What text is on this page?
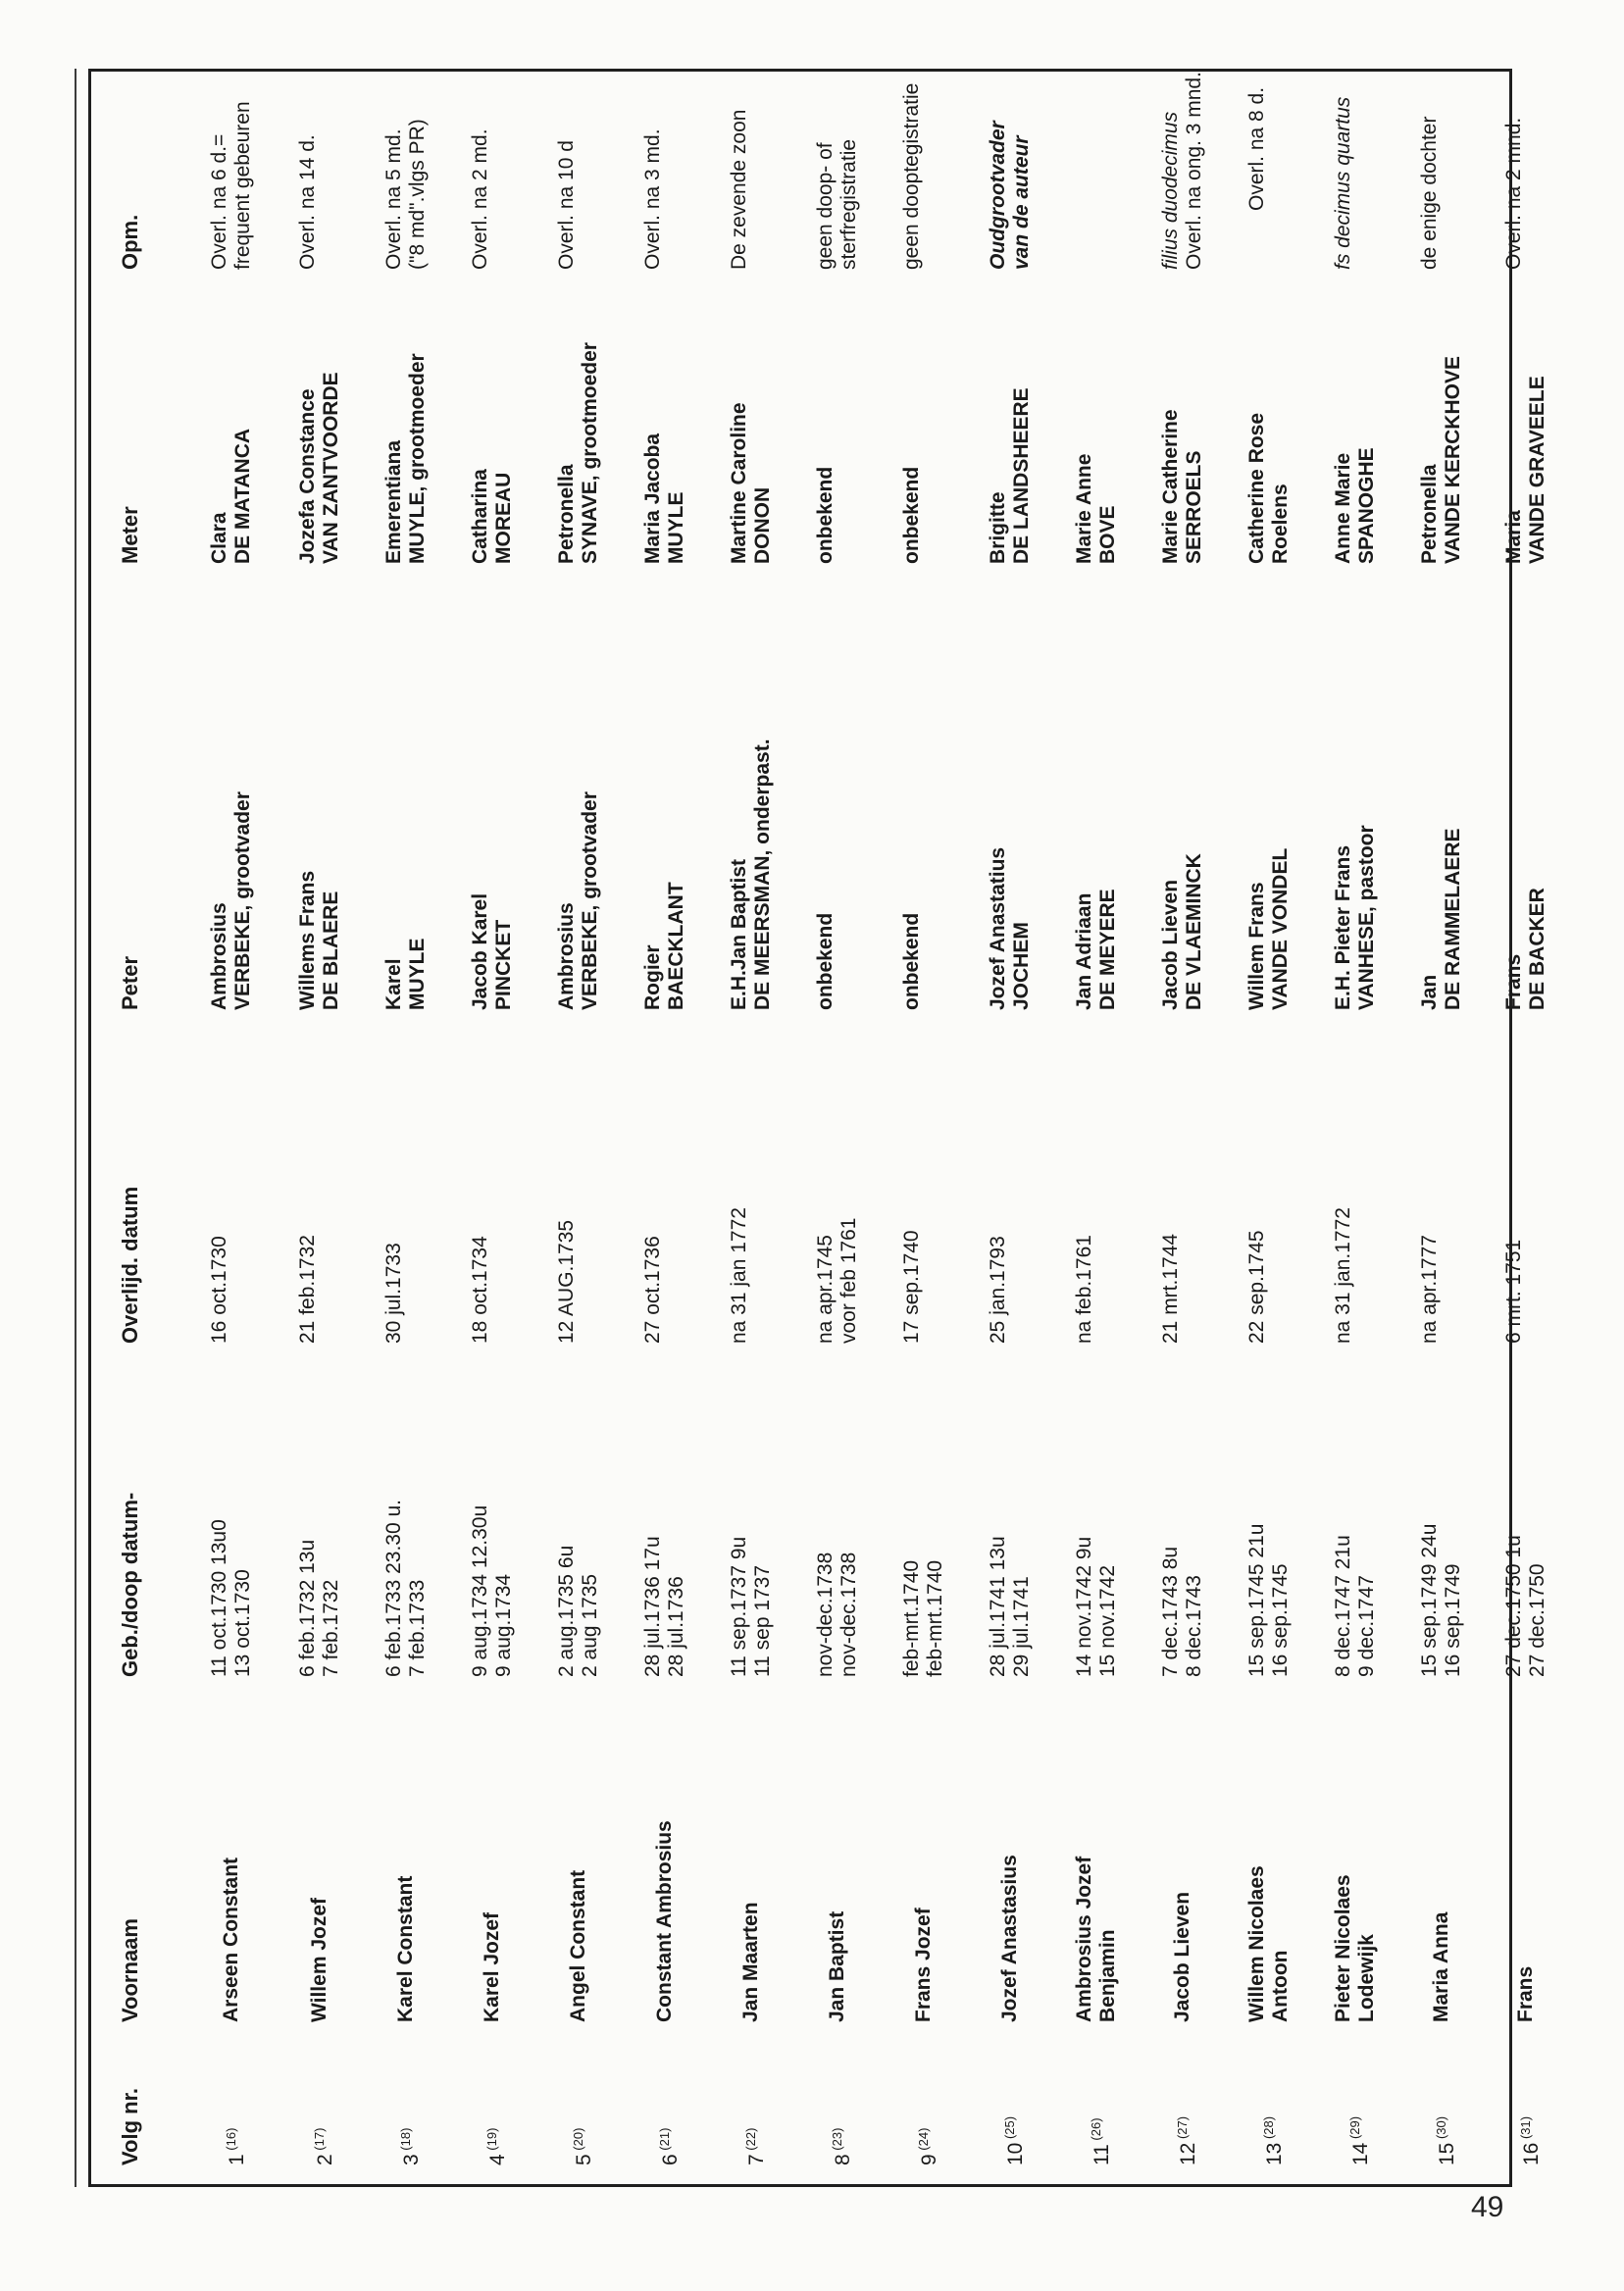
Volg nr.
Voornaam
Geb./doop datum-
Overlijd. datum
Peter
Meter
Opm.
1 $^{(16)}$
Arseen Constant
11 oct.1730 13u0 13 oct.1730
16 oct.1730
Ambrosius VERBEKE, grootvader
Clara DE MATANCA
Overl. na 6 d.= frequent gebeuren
2 $^{(17)}$
Willem Jozef
6 feb.1732 13u 7 feb.1732
21 feb.1732
Willems Frans DE BLAERE
Jozefa Constance VAN ZANTVOORDE
Overl. na 14 d.
3 $^{(18)}$
Karel Constant
6 feb.1733 23.30 u. 7 feb.1733
30 jul.1733
Karel MUYLE
Emerentiana MUYLE, grootmoeder
Overl. na 5 md. ("8 md".vlgs PR)
4 $^{(19)}$
Karel Jozef
9 aug.1734 12.30u 9 aug.1734
18 oct.1734
Jacob Karel PINCKET
Catharina MOREAU
Overl. na 2 md.
5 $^{(20)}$
Angel Constant
2 aug.1735 6u 2 aug 1735
12 AUG.1735
Ambrosius VERBEKE, grootvader
Petronella SYNAVE, grootmoeder
Overl. na 10 d
6 $^{(21)}$
Constant Ambrosius
28 jul.1736 17u 28 jul.1736
27 oct.1736
Rogier BAECKLANT
Maria Jacoba MUYLE
Overl. na 3 md.
7 $^{(22)}$
Jan Maarten
11 sep.1737 9u 11 sep 1737
na 31 jan 1772
E.H.Jan Baptist DE MEERSMAN, onderpast.
Martine Caroline DONON
De zevende zoon
8 $^{(23)}$
Jan Baptist
nov-dec.1738 nov-dec.1738
na apr.1745 voor feb 1761
onbekend
onbekend
geen doop- of sterfregistratie
9 $^{(24)}$
Frans Jozef
feb-mrt.1740 feb-mrt.1740
17 sep.1740
onbekend
onbekend
geen dooptegistratie
10 $^{(25)}$
Jozef Anastasius
28 jul.1741 13u 29 jul.1741
25 jan.1793
Jozef Anastatius JOCHEM
Brigitte DE LANDSHEERE
Oudgrootvader van de auteur
11 $^{(26)}$
Ambrosius Jozef Benjamin
14 nov.1742 9u 15 nov.1742
na feb.1761
Jan Adriaan DE MEYERE
Marie Anne BOVE
12 $^{(27)}$
Jacob Lieven
7 dec.1743 8u 8 dec.1743
21 mrt.1744
Jacob Lieven DE VLAEMINCK
Marie Catherine SERROELS
filius duodecimus Overl. na ong. 3 mnd.
13 $^{(28)}$
Willem Nicolaes Antoon
15 sep.1745 21u 16 sep.1745
22 sep.1745
Willem Frans VANDE VONDEL
Catherine Rose Roelens
Overl. na 8 d.
14 $^{(29)}$
Pieter Nicolaes Lodewijk
8 dec.1747 21u 9 dec.1747
na 31 jan.1772
E.H. Pieter Frans VANHESE, pastoor
Anne Marie SPANOGHE
fs decimus quartus
15 $^{(30)}$
Maria Anna
15 sep.1749 24u 16 sep.1749
na apr.1777
Jan DE RAMMELAERE
Petronella VANDE KERCKHOVE
de enige dochter
16 $^{(31)}$
Frans
27 dec.1750 1u 27 dec.1750
6 mrt. 1751
Frans DE BACKER
Maria VANDE GRAVEELE
Overl. na 2 mnd.
49
